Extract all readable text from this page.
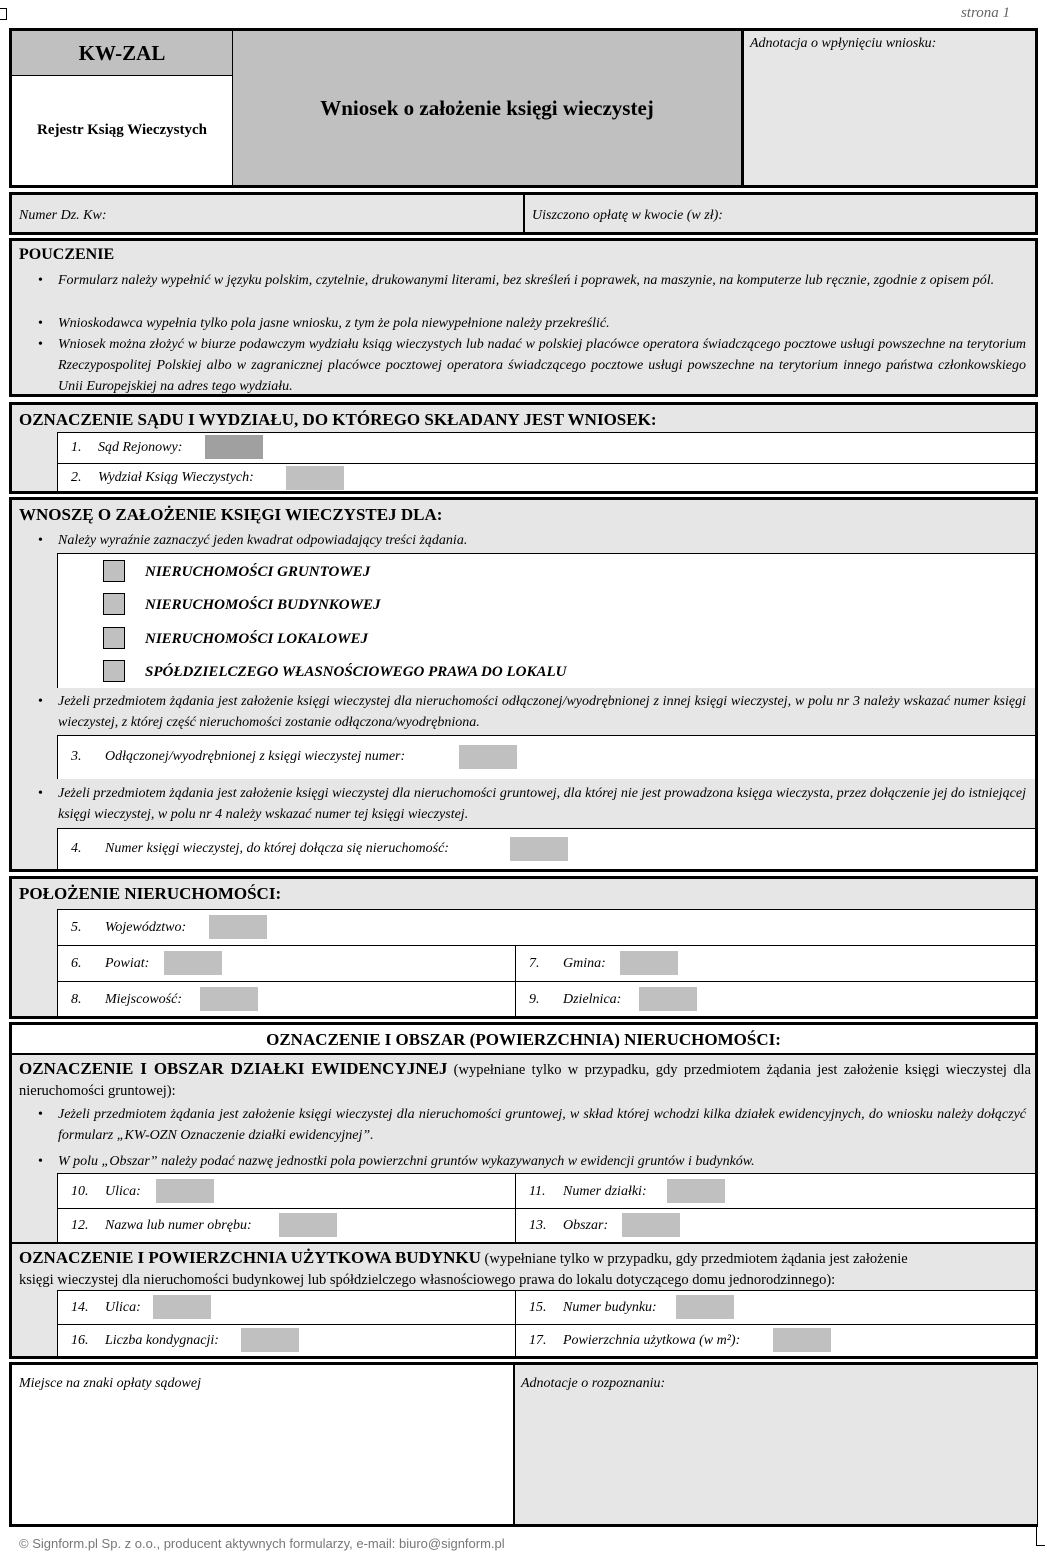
strona 1
KW-ZAL
Rejestr Ksiąg Wieczystych
Wniosek o założenie księgi wieczystej
Adnotacja o wpłynięciu wniosku:
Numer Dz. Kw:	Uiszczono opłatę w kwocie (w zł):
POUCZENIE
• Formularz należy wypełnić w języku polskim, czytelnie, drukowanymi literami, bez skreśleń i poprawek, na maszynie, na komputerze lub ręcznie, zgodnie z opisem pól.
• Wnioskodawca wypełnia tylko pola jasne wniosku, z tym że pola niewypełnione należy przekreślić.
• Wniosek można złożyć w biurze podawczym wydziału ksiąg wieczystych lub nadać w polskiej placówce operatora świadczącego pocztowe usługi powszechne na terytorium Rzeczypospolitej Polskiej albo w zagranicznej placówce pocztowej operatora świadczącego pocztowe usługi powszechne na terytorium innego państwa członkowskiego Unii Europejskiej na adres tego wydziału.
OZNACZENIE SĄDU I WYDZIAŁU, DO KTÓREGO SKŁADANY JEST WNIOSEK:
1. Sąd Rejonowy:
2. Wydział Ksiąg Wieczystych:
WNOSZĘ O ZAŁOŻENIE KSIĘGI WIECZYSTEJ DLA:
• Należy wyraźnie zaznaczyć jeden kwadrat odpowiadający treści żądania.
NIERUCHOMOŚCI GRUNTOWEJ
NIERUCHOMOŚCI BUDYNKOWEJ
NIERUCHOMOŚCI LOKALOWEJ
SPÓŁDZIELCZEGO WŁASNOŚCIOWEGO PRAWA DO LOKALU
• Jeżeli przedmiotem żądania jest założenie księgi wieczystej dla nieruchomości odłączonej/wyodrębnionej z innej księgi wieczystej, w polu nr 3 należy wskazać numer księgi wieczystej, z której część nieruchomości zostanie odłączona/wyodrębniona.
3. Odłączonej/wyodrębnionej z księgi wieczystej numer:
• Jeżeli przedmiotem żądania jest założenie księgi wieczystej dla nieruchomości gruntowej, dla której nie jest prowadzona księga wieczysta, przez dołączenie jej do istniejącej księgi wieczystej, w polu nr 4 należy wskazać numer tej księgi wieczystej.
4. Numer księgi wieczystej, do której dołącza się nieruchomość:
POŁOŻENIE NIERUCHOMOŚCI:
5. Województwo:
6. Powiat:	7. Gmina:
8. Miejscowość:	9. Dzielnica:
OZNACZENIE I OBSZAR (POWIERZCHNIA) NIERUCHOMOŚCI:
OZNACZENIE I OBSZAR DZIAŁKI EWIDENCYJNEJ (wypełniane tylko w przypadku, gdy przedmiotem żądania jest założenie księgi wieczystej dla nieruchomości gruntowej):
• Jeżeli przedmiotem żądania jest założenie księgi wieczystej dla nieruchomości gruntowej, w skład której wchodzi kilka działek ewidencyjnych, do wniosku należy dołączyć formularz „KW-OZN Oznaczenie działki ewidencyjnej”.
• W polu „Obszar” należy podać nazwę jednostki pola powierzchni gruntów wykazywanych w ewidencji gruntów i budynków.
10. Ulica:	11. Numer działki:
12. Nazwa lub numer obrębu:	13. Obszar:
OZNACZENIE I POWIERZCHNIA UŻYTKOWA BUDYNKU (wypełniane tylko w przypadku, gdy przedmiotem żądania jest założenie
księgi wieczystej dla nieruchomości budynkowej lub spółdzielczego własnościowego prawa do lokalu dotyczącego domu jednorodzinnego):
14. Ulica:	15. Numer budynku:
16. Liczba kondygnacji:	17. Powierzchnia użytkowa (w m²):
Miejsce na znaki opłaty sądowej	Adnotacje o rozpoznaniu:
© Signform.pl Sp. z o.o., producent aktywnych formularzy, e-mail: biuro@signform.pl
